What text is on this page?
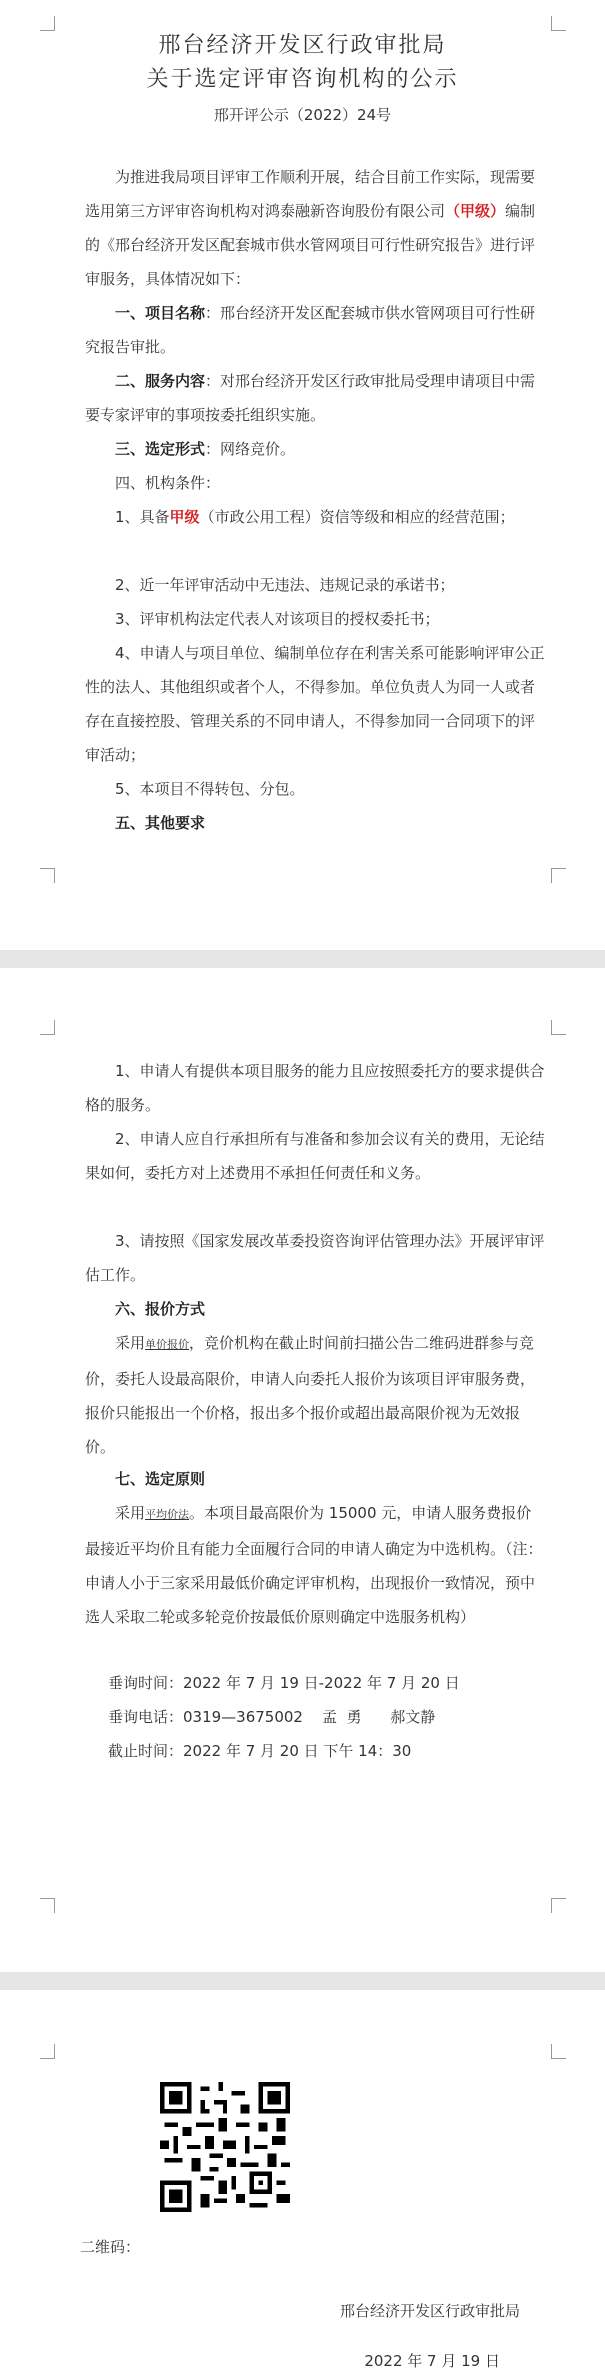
邢台经济开发区行政审批局
关于选定评审咨询机构的公示
邢开评公示（2022）24号

为推进我局项目评审工作顺利开展，结合目前工作实际，现需要选用第三方评审咨询机构对鸿泰融新咨询股份有限公司（甲级）编制的《邢台经济开发区配套城市供水管网项目可行性研究报告》进行评审服务，具体情况如下：

一、项目名称：邢台经济开发区配套城市供水管网项目可行性研究报告审批。

二、服务内容：对邢台经济开发区行政审批局受理申请项目中需要专家评审的事项按委托组织实施。

三、选定形式：网络竞价。

四、机构条件：

1、具备甲级（市政公用工程）资信等级和相应的经营范围；

2、近一年评审活动中无违法、违规记录的承诺书；

3、评审机构法定代表人对该项目的授权委托书；

4、申请人与项目单位、编制单位存在利害关系可能影响评审公正性的法人、其他组织或者个人，不得参加。单位负责人为同一人或者存在直接控股、管理关系的不同申请人，不得参加同一合同项下的评审活动；

5、本项目不得转包、分包。

五、其他要求

1、申请人有提供本项目服务的能力且应按照委托方的要求提供合格的服务。

2、申请人应自行承担所有与准备和参加会议有关的费用，无论结果如何，委托方对上述费用不承担任何责任和义务。

3、请按照《国家发展改革委投资咨询评估管理办法》开展评审评估工作。

六、报价方式

采用单价报价，竞价机构在截止时间前扫描公告二维码进群参与竞价，委托人设最高限价，申请人向委托人报价为该项目评审服务费，报价只能报出一个价格，报出多个报价或超出最高限价视为无效报价。

七、选定原则

采用平均价法。本项目最高限价为 15000 元，申请人服务费报价最接近平均价且有能力全面履行合同的申请人确定为中选机构。（注：申请人小于三家采用最低价确定评审机构，出现报价一致情况，预中选人采取二轮或多轮竞价按最低价原则确定中选服务机构）

垂询时间：2022 年 7 月 19 日-2022 年 7 月 20 日

垂询电话：0319—3675002    孟  勇      郝文静

截止时间：2022 年 7 月 20 日 下午 14：30

二维码：
邢台经济开发区行政审批局
2022 年 7 月 19 日
